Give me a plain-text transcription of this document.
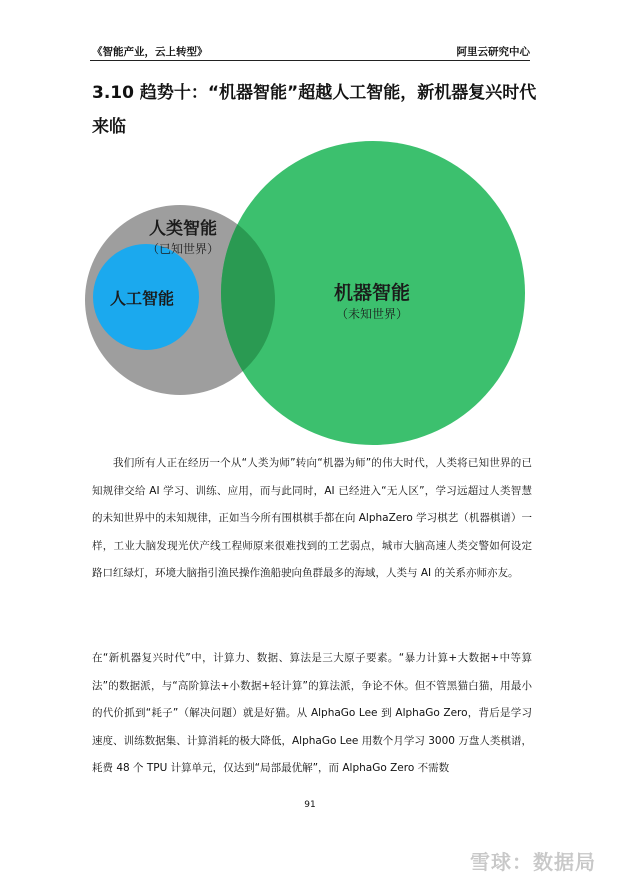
《智能产业，云上转型》	阿里云研究中心
3.10 趋势十：“机器智能”超越人工智能，新机器复兴时代来临
人类智能
（已知世界）
人工智能	机器智能
（未知世界）
我们所有人正在经历一个从“人类为师”转向“机器为师”的伟大时代，人类将已知世界的已知规律交给 AI 学习、训练、应用，而与此同时，AI 已经进入“无人区”，学习远超过人类智慧的未知世界中的未知规律，正如当今所有围棋棋手都在向 AlphaZero 学习棋艺（机器棋谱）一样，工业大脑发现光伏产线工程师原来很难找到的工艺弱点，城市大脑高速人类交警如何设定路口红绿灯，环境大脑指引渔民操作渔船驶向鱼群最多的海域，人类与 AI 的关系亦师亦友。
在“新机器复兴时代”中，计算力、数据、算法是三大原子要素。“暴力计算+大数据+中等算法”的数据派，与“高阶算法+小数据+轻计算”的算法派，争论不休。但不管黑猫白猫，用最小的代价抓到“耗子”（解决问题）就是好猫。从 AlphaGo Lee 到 AlphaGo Zero，背后是学习速度、训练数据集、计算消耗的极大降低，AlphaGo Lee 用数个月学习 3000 万盘人类棋谱，耗费 48 个 TPU 计算单元，仅达到“局部最优解”，而 AlphaGo Zero 不需数
91
雪球：数据局
